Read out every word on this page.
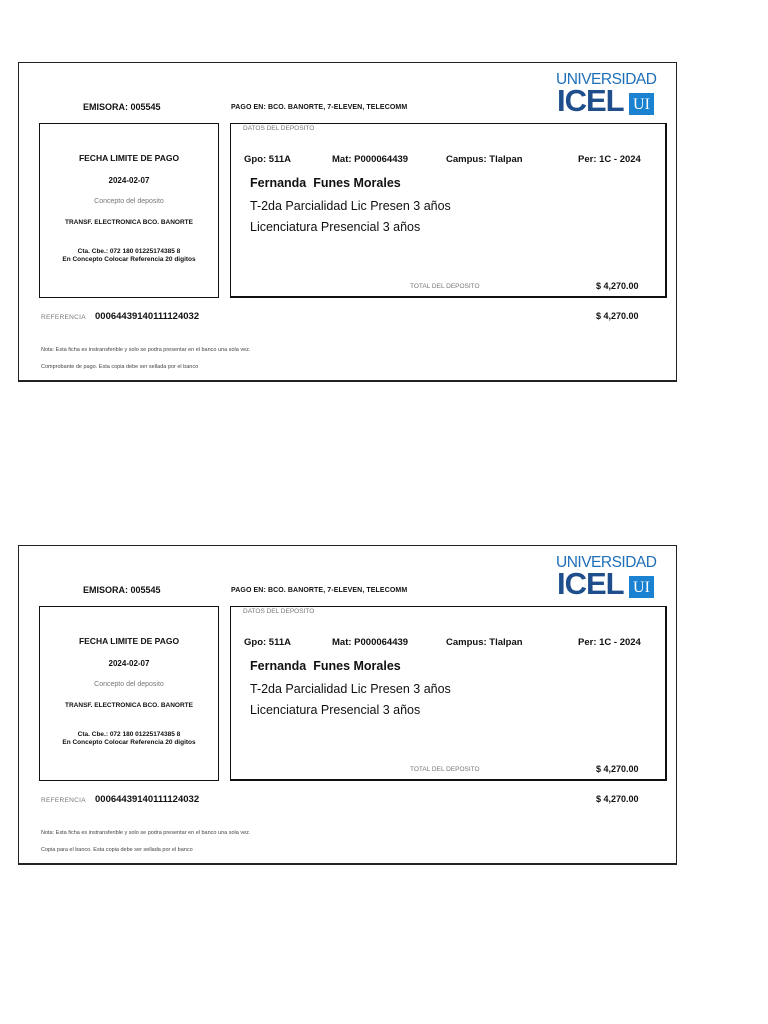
EMISORA: 005545	PAGO EN: BCO. BANORTE, 7-ELEVEN, TELECOMM
UNIVERSIDAD
ICEL UI
FECHA LIMITE DE PAGO
2024-02-07
Concepto del deposito
TRANSF. ELECTRONICA BCO. BANORTE
Cta. Cbe.: 072 180 01225174385 8
En Concepto Colocar Referencia 20 digitos
DATOS DEL DEPOSITO
Gpo: 511A	Mat: P000064439	Campus: Tlalpan	Per: 1C - 2024
Fernanda  Funes Morales
T-2da Parcialidad Lic Presen 3 años
Licenciatura Presencial 3 años
TOTAL DEL DEPOSITO	$ 4,270.00
REFERENCIA 00064439140111124032	$ 4,270.00
Nota: Esta ficha es instransferible y solo se podra presentar en el banco una sola vez.
Comprobante de pago. Esta copia debe ser sellada por el banco
EMISORA: 005545	PAGO EN: BCO. BANORTE, 7-ELEVEN, TELECOMM
UNIVERSIDAD
ICEL UI
FECHA LIMITE DE PAGO
2024-02-07
Concepto del deposito
TRANSF. ELECTRONICA BCO. BANORTE
Cta. Cbe.: 072 180 01225174385 8
En Concepto Colocar Referencia 20 digitos
DATOS DEL DEPOSITO
Gpo: 511A	Mat: P000064439	Campus: Tlalpan	Per: 1C - 2024
Fernanda  Funes Morales
T-2da Parcialidad Lic Presen 3 años
Licenciatura Presencial 3 años
TOTAL DEL DEPOSITO	$ 4,270.00
REFERENCIA 00064439140111124032	$ 4,270.00
Nota: Esta ficha es instransferible y solo se podra presentar en el banco una sola vez.
Copia para el banco. Esta copia debe ser sellada por el banco
